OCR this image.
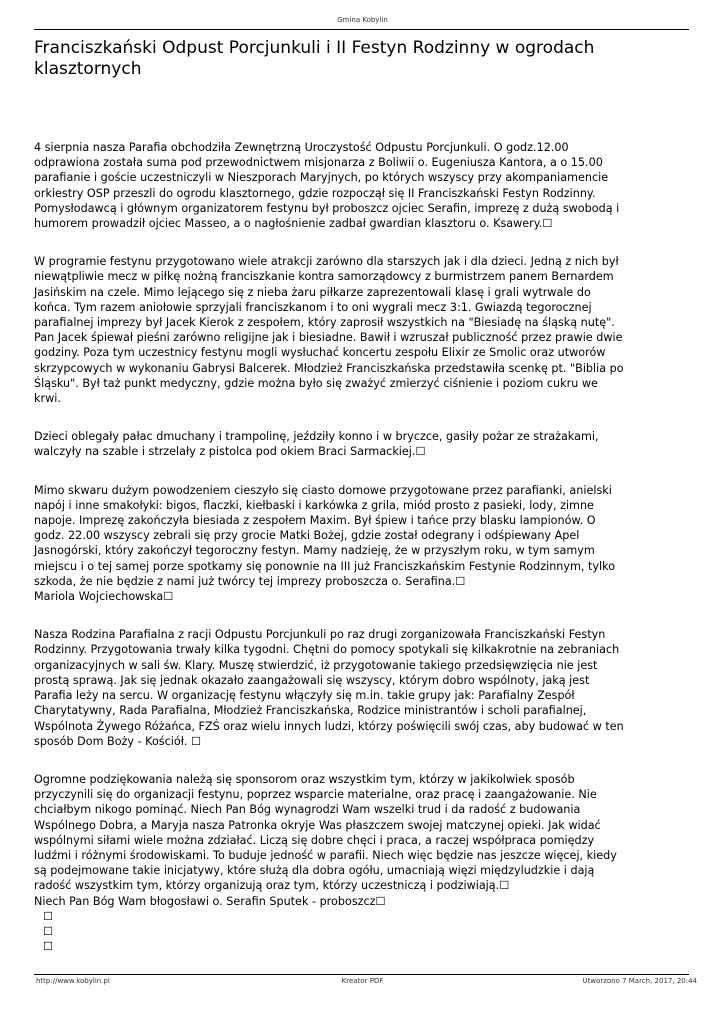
Gmina Kobylin
Franciszkański Odpust Porcjunkuli i II Festyn Rodzinny w ogrodach
klasztornych

4 sierpnia nasza Parafia obchodziła Zewnętrzną Uroczystość Odpustu Porcjunkuli. O godz.12.00
odprawiona została suma pod przewodnictwem misjonarza z Boliwii o. Eugeniusza Kantora, a o 15.00
parafianie i goście uczestniczyli w Nieszporach Maryjnych, po których wszyscy przy akompaniamencie
orkiestry OSP przeszli do ogrodu klasztornego, gdzie rozpoczął się II Franciszkański Festyn Rodzinny.
Pomysłodawcą i głównym organizatorem festynu był proboszcz ojciec Serafin, imprezę z dużą swobodą i
humorem prowadził ojciec Masseo, a o nagłośnienie zadbał gwardian klasztoru o. Ksawery.☐

W programie festynu przygotowano wiele atrakcji zarówno dla starszych jak i dla dzieci. Jedną z nich był
niewątpliwie mecz w piłkę nożną franciszkanie kontra samorządowcy z burmistrzem panem Bernardem
Jasińskim na czele. Mimo lejącego się z nieba żaru piłkarze zaprezentowali klasę i grali wytrwale do
końca. Tym razem aniołowie sprzyjali franciszkanom i to oni wygrali mecz 3:1. Gwiazdą tegorocznej
parafialnej imprezy był Jacek Kierok z zespołem, który zaprosił wszystkich na "Biesiadę na śląską nutę".
Pan Jacek śpiewał pieśni zarówno religijne jak i biesiadne. Bawił i wzruszał publiczność przez prawie dwie
godziny. Poza tym uczestnicy festynu mogli wysłuchać koncertu zespołu Elixir ze Smolic oraz utworów
skrzypcowych w wykonaniu Gabrysi Balcerek. Młodzież Franciszkańska przedstawiła scenkę pt. "Biblia po
Śląsku". Był taż punkt medyczny, gdzie można było się zważyć zmierzyć ciśnienie i poziom cukru we
krwi.

Dzieci oblegały pałac dmuchany i trampolinę, jeździły konno i w bryczce, gasiły pożar ze strażakami,
walczyły na szable i strzelały z pistolca pod okiem Braci Sarmackiej.☐

Mimo skwaru dużym powodzeniem cieszyło się ciasto domowe przygotowane przez parafianki, anielski
napój i inne smakołyki: bigos, flaczki, kiełbaski i karkówka z grila, miód prosto z pasieki, lody, zimne
napoje. Imprezę zakończyła biesiada z zespołem Maxim. Był śpiew i tańce przy blasku lampionów. O
godz. 22.00 wszyscy zebrali się przy grocie Matki Bożej, gdzie został odegrany i odśpiewany Apel
Jasnogórski, który zakończył tegoroczny festyn. Mamy nadzieję, że w przyszłym roku, w tym samym
miejscu i o tej samej porze spotkamy się ponownie na III już Franciszkańskim Festynie Rodzinnym, tylko
szkoda, że nie będzie z nami już twórcy tej imprezy proboszcza o. Serafina.☐
Mariola Wojciechowska☐

Nasza Rodzina Parafialna z racji Odpustu Porcjunkuli po raz drugi zorganizowała Franciszkański Festyn
Rodzinny. Przygotowania trwały kilka tygodni. Chętni do pomocy spotykali się kilkakrotnie na zebraniach
organizacyjnych w sali św. Klary. Muszę stwierdzić, iż przygotowanie takiego przedsięwzięcia nie jest
prostą sprawą. Jak się jednak okazało zaangażowali się wszyscy, którym dobro wspólnoty, jaką jest
Parafia leży na sercu. W organizację festynu włączyły się m.in. takie grupy jak: Parafialny Zespół
Charytatywny, Rada Parafialna, Młodzież Franciszkańska, Rodzice ministrantów i scholi parafialnej,
Wspólnota Żywego Różańca, FZŚ oraz wielu innych ludzi, którzy poświęcili swój czas, aby budować w ten
sposób Dom Boży - Kościół. ☐

Ogromne podziękowania należą się sponsorom oraz wszystkim tym, którzy w jakikolwiek sposób
przyczynili się do organizacji festynu, poprzez wsparcie materialne, oraz pracę i zaangażowanie. Nie
chciałbym nikogo pominąć. Niech Pan Bóg wynagrodzi Wam wszelki trud i da radość z budowania
Wspólnego Dobra, a Maryja nasza Patronka okryje Was płaszczem swojej matczynej opieki. Jak widać
wspólnymi siłami wiele można zdziałać. Liczą się dobre chęci i praca, a raczej współpraca pomiędzy
ludźmi i różnymi środowiskami. To buduje jedność w parafii. Niech więc będzie nas jeszcze więcej, kiedy
są podejmowane takie inicjatywy, które służą dla dobra ogółu, umacniają więzi międzyludzkie i dają
radość wszystkim tym, którzy organizują oraz tym, którzy uczestniczą i podziwiają.☐
Niech Pan Bóg Wam błogosławi o. Serafin Sputek - proboszcz☐

☐
☐
☐
http://www.kobylin.pl	Kreator PDF	Utworzono 7 March, 2017, 20:44
